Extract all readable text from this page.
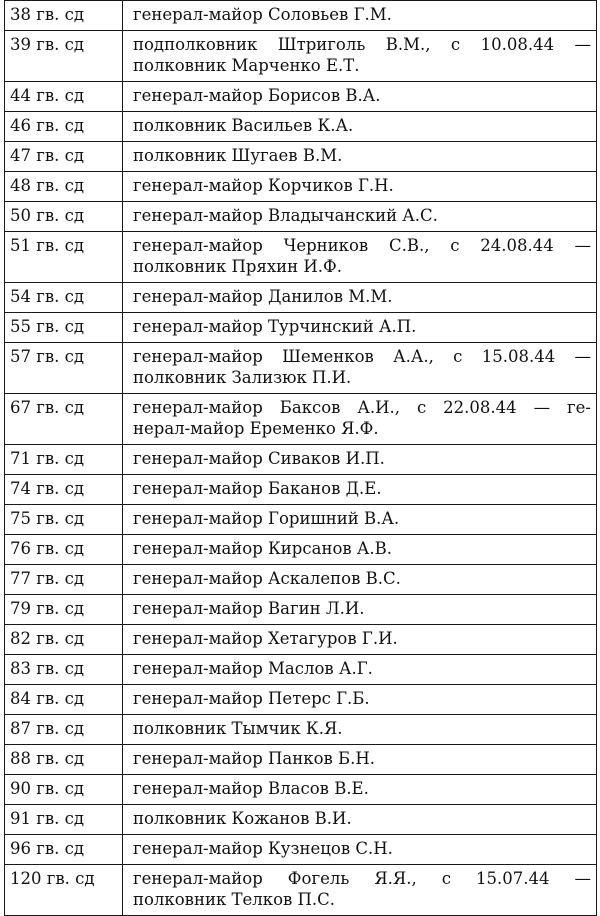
38 гв. сд	генерал-майор Соловьев Г.М.

39 гв. сд	подполковник Штриголь В.М., с 10.08.44 —
полковник Марченко Е.Т.

44 гв. сд	генерал-майор Борисов В.А.

46 гв. сд	полковник Васильев К.А.

47 гв. сд	полковник Шугаев В.М.

48 гв. сд	генерал-майор Корчиков Г.Н.

50 гв. сд	генерал-майор Владычанский А.С.

51 гв. сд	генерал-майор Черников С.В., с 24.08.44 —
полковник Пряхин И.Ф.

54 гв. сд	генерал-майор Данилов М.М.

55 гв. сд	генерал-майор Турчинский А.П.

57 гв. сд	генерал-майор Шеменков А.А., с 15.08.44 —
полковник Зализюк П.И.

67 гв. сд	генерал-майор Баксов А.И., с 22.08.44 — ге-
нерал-майор Еременко Я.Ф.

71 гв. сд	генерал-майор Сиваков И.П.

74 гв. сд	генерал-майор Баканов Д.Е.

75 гв. сд	генерал-майор Горишний В.А.

76 гв. сд	генерал-майор Кирсанов А.В.

77 гв. сд	генерал-майор Аскалепов В.С.

79 гв. сд	генерал-майор Вагин Л.И.

82 гв. сд	генерал-майор Хетагуров Г.И.

83 гв. сд	генерал-майор Маслов А.Г.

84 гв. сд	генерал-майор Петерс Г.Б.

87 гв. сд	полковник Тымчик К.Я.

88 гв. сд	генерал-майор Панков Б.Н.

90 гв. сд	генерал-майор Власов В.Е.

91 гв. сд	полковник Кожанов В.И.

96 гв. сд	генерал-майор Кузнецов С.Н.

120 гв. сд	генерал-майор Фогель Я.Я., с 15.07.44 —
полковник Телков П.С.
